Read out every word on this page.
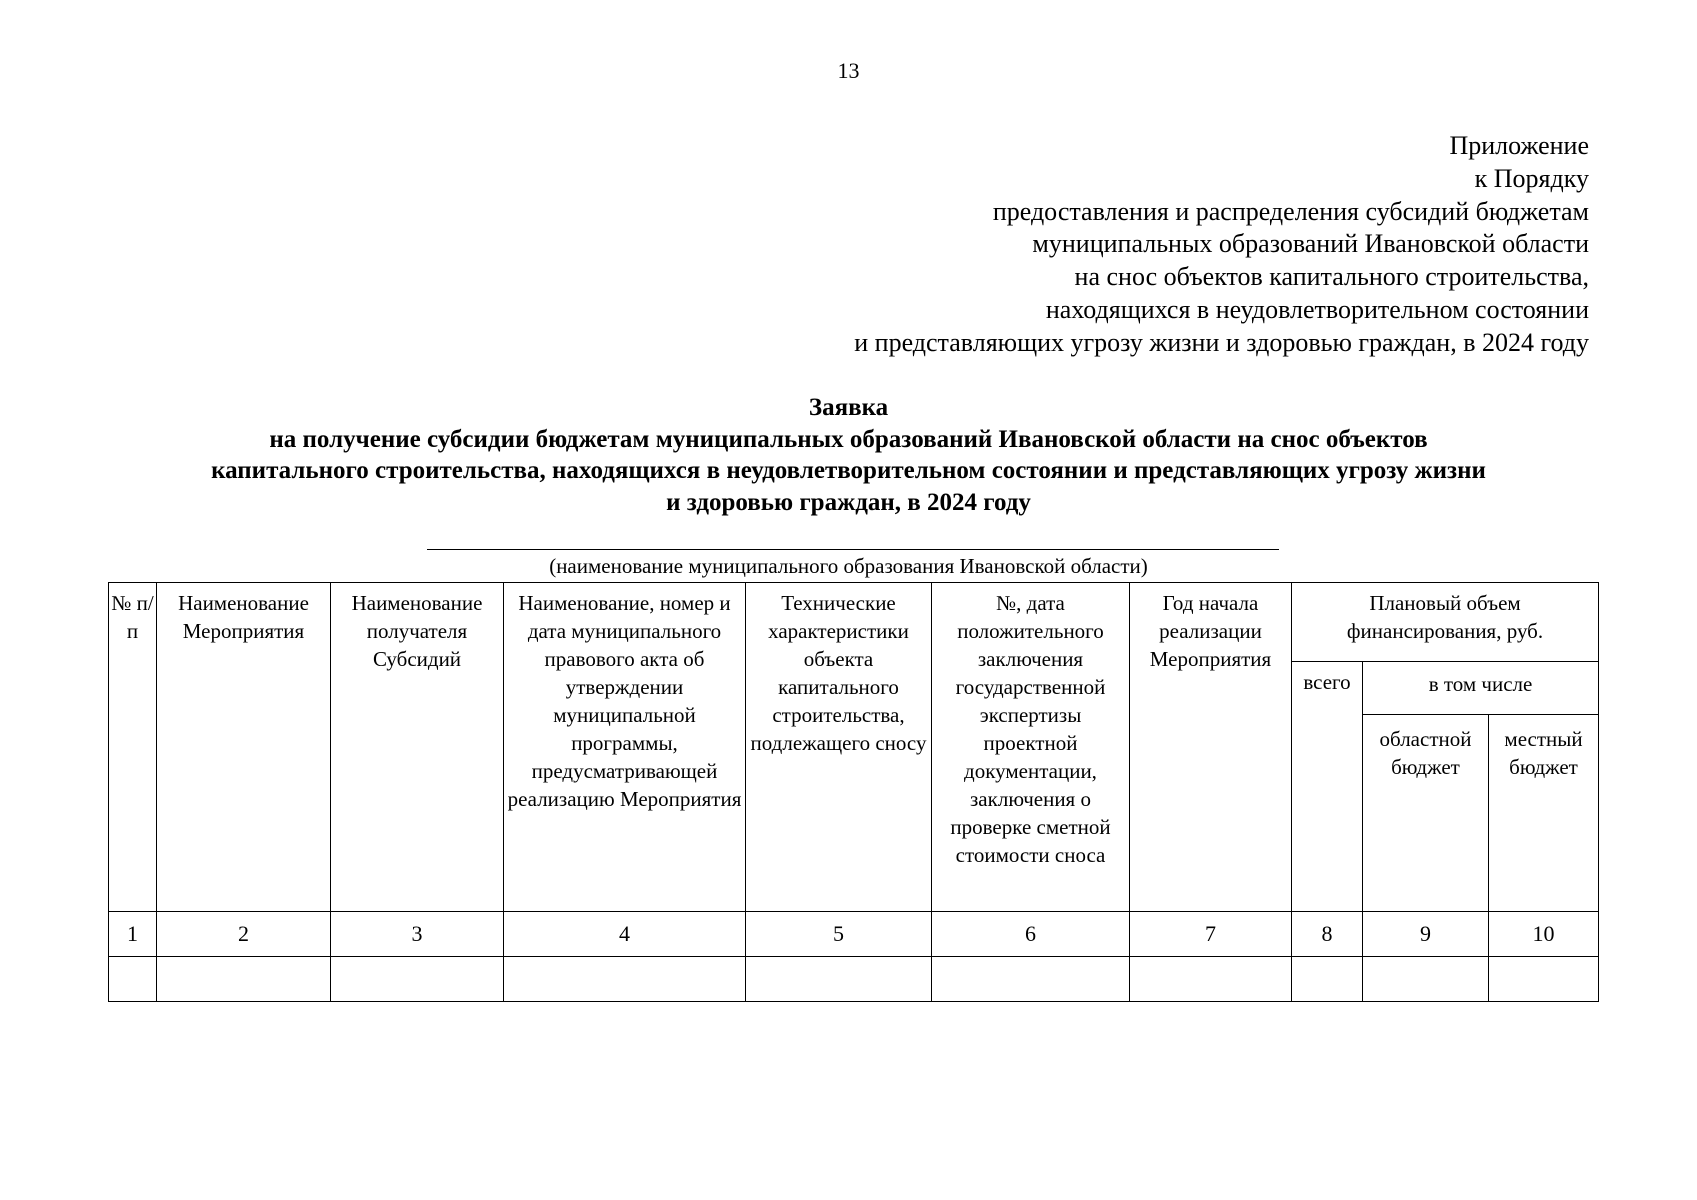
13
Приложение
к Порядку
предоставления и распределения субсидий бюджетам
муниципальных образований Ивановской области
на снос объектов капитального строительства,
находящихся в неудовлетворительном состоянии
и представляющих угрозу жизни и здоровью граждан, в 2024 году
Заявка
на получение субсидии бюджетам муниципальных образований Ивановской области на снос объектов
капитального строительства, находящихся в неудовлетворительном состоянии и представляющих угрозу жизни
и здоровью граждан, в 2024 году
(наименование муниципального образования Ивановской области)
№ п/п	Наименование Мероприятия	Наименование получателя Субсидий	Наименование, номер и дата муниципального правового акта об утверждении муниципальной программы, предусматривающей реализацию Мероприятия	Технические характеристики объекта капитального строительства, подлежащего сносу	№, дата положительного заключения государственной экспертизы проектной документации, заключения о проверке сметной стоимости сноса	Год начала реализации Мероприятия	Плановый объем финансирования, руб.		
							всего	в том числе	
								областной бюджет	местный бюджет
1	2	3	4	5	6	7	8	9	10
